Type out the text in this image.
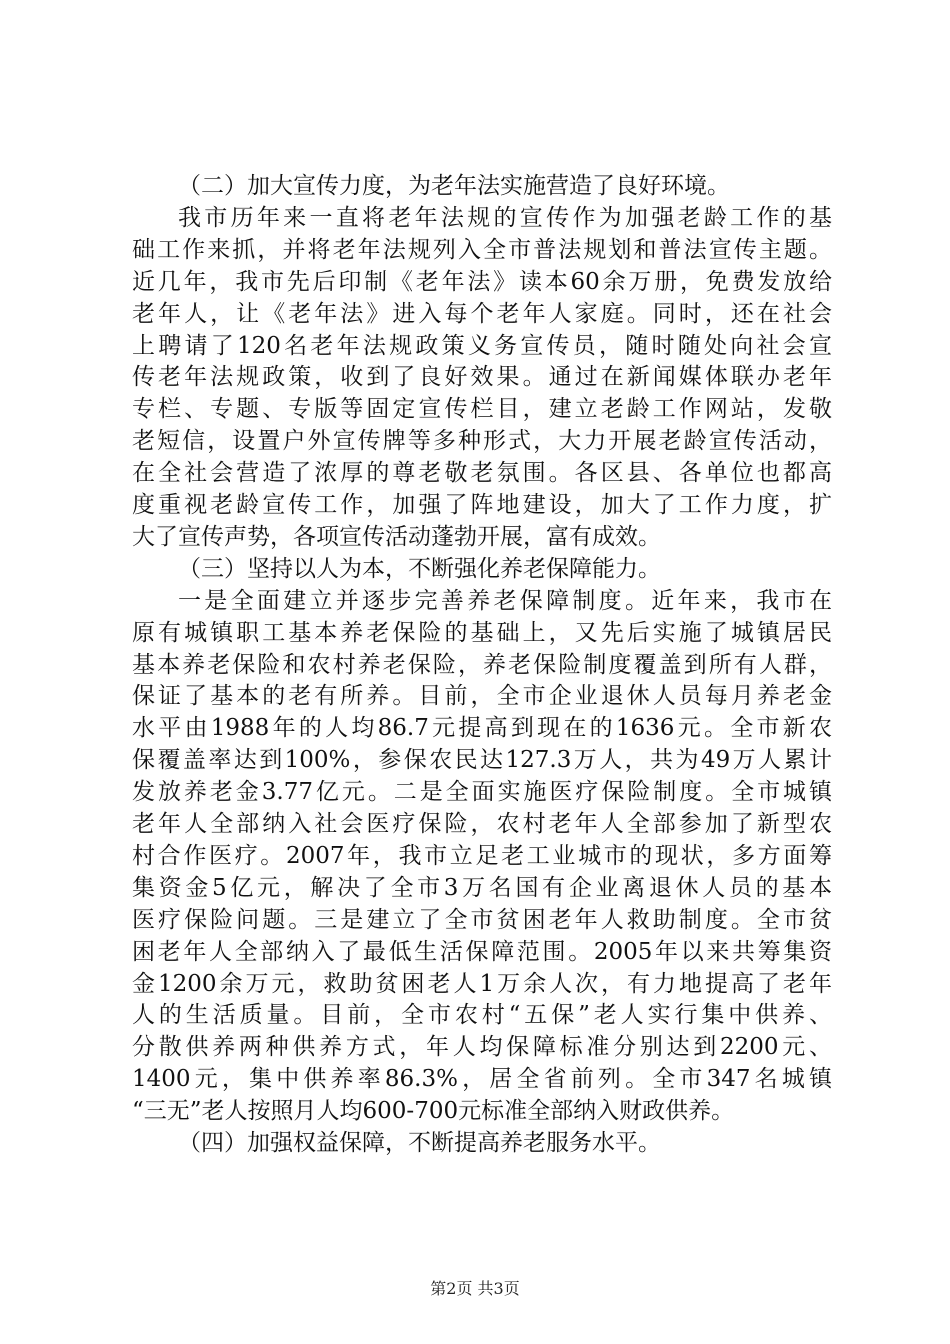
（二）加大宣传力度，为老年法实施营造了良好环境。
我市历年来一直将老年法规的宣传作为加强老龄工作的基
础工作来抓，并将老年法规列入全市普法规划和普法宣传主题。
近几年，我市先后印制《老年法》读本60余万册，免费发放给
老年人，让《老年法》进入每个老年人家庭。同时，还在社会
上聘请了120名老年法规政策义务宣传员，随时随处向社会宣
传老年法规政策，收到了良好效果。通过在新闻媒体联办老年
专栏、专题、专版等固定宣传栏目，建立老龄工作网站，发敬
老短信，设置户外宣传牌等多种形式，大力开展老龄宣传活动，
在全社会营造了浓厚的尊老敬老氛围。各区县、各单位也都高
度重视老龄宣传工作，加强了阵地建设，加大了工作力度，扩
大了宣传声势，各项宣传活动蓬勃开展，富有成效。
（三）坚持以人为本，不断强化养老保障能力。
一是全面建立并逐步完善养老保障制度。近年来，我市在
原有城镇职工基本养老保险的基础上，又先后实施了城镇居民
基本养老保险和农村养老保险，养老保险制度覆盖到所有人群，
保证了基本的老有所养。目前，全市企业退休人员每月养老金
水平由1988年的人均86.7元提高到现在的1636元。全市新农
保覆盖率达到100%，参保农民达127.3万人，共为49万人累计
发放养老金3.77亿元。二是全面实施医疗保险制度。全市城镇
老年人全部纳入社会医疗保险，农村老年人全部参加了新型农
村合作医疗。2007年，我市立足老工业城市的现状，多方面筹
集资金5亿元，解决了全市3万名国有企业离退休人员的基本
医疗保险问题。三是建立了全市贫困老年人救助制度。全市贫
困老年人全部纳入了最低生活保障范围。2005年以来共筹集资
金1200余万元，救助贫困老人1万余人次，有力地提高了老年
人的生活质量。目前，全市农村“五保”老人实行集中供养、
分散供养两种供养方式，年人均保障标准分别达到2200元、
1400元，集中供养率86.3%，居全省前列。全市347名城镇
“三无”老人按照月人均600-700元标准全部纳入财政供养。
（四）加强权益保障，不断提高养老服务水平。
第2页 共3页
